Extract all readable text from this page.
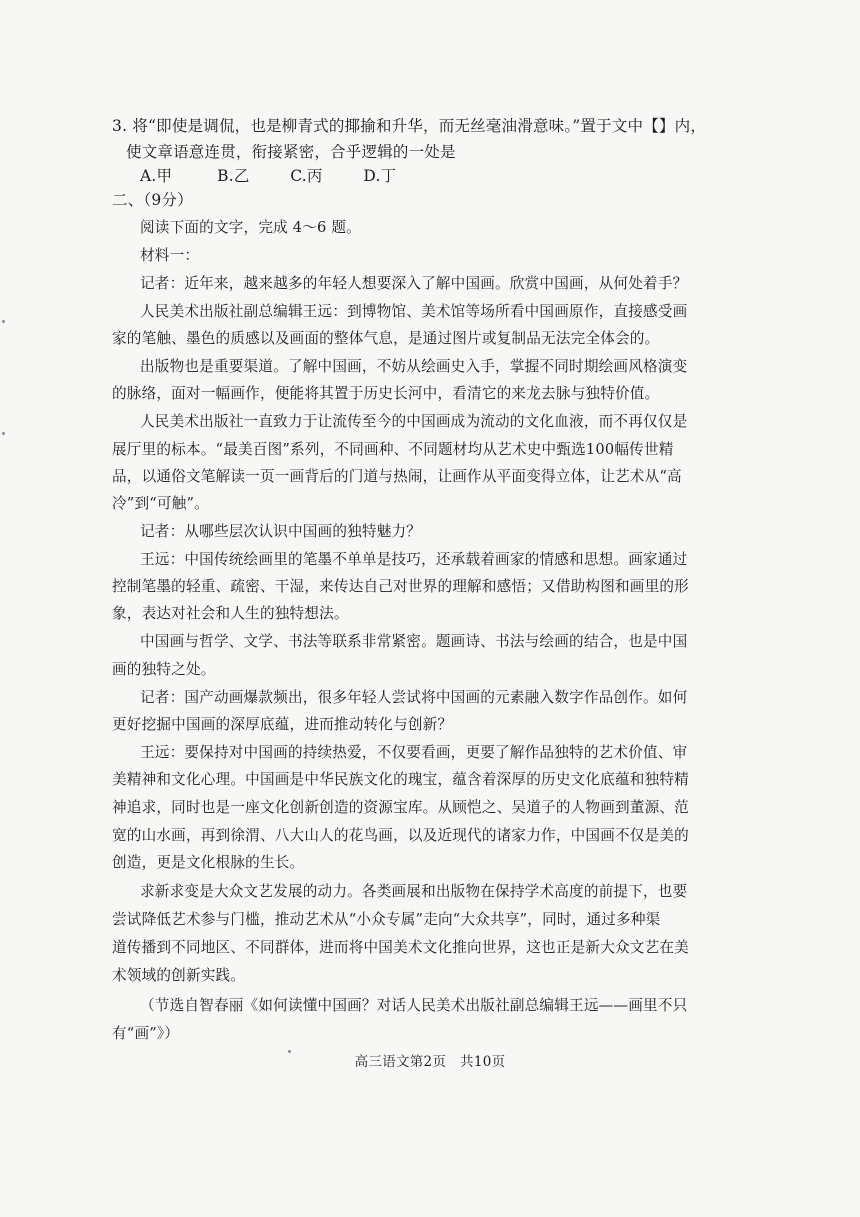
3. 将“即使是调侃，也是柳青式的揶揄和升华，而无丝毫油滑意味。”置于文中【】内，
使文章语意连贯，衔接紧密，合乎逻辑的一处是
A.甲	B.乙	C.丙	D.丁
二、（9分）
阅读下面的文字，完成 4～6 题。
材料一：
记者：近年来，越来越多的年轻人想要深入了解中国画。欣赏中国画，从何处着手？
人民美术出版社副总编辑王远：到博物馆、美术馆等场所看中国画原作，直接感受画
家的笔触、墨色的质感以及画面的整体气息，是通过图片或复制品无法完全体会的。
出版物也是重要渠道。了解中国画，不妨从绘画史入手，掌握不同时期绘画风格演变
的脉络，面对一幅画作，便能将其置于历史长河中，看清它的来龙去脉与独特价值。
人民美术出版社一直致力于让流传至今的中国画成为流动的文化血液，而不再仅仅是
展厅里的标本。“最美百图”系列，不同画种、不同题材均从艺术史中甄选100幅传世精
品，以通俗文笔解读一页一画背后的门道与热闹，让画作从平面变得立体，让艺术从“高
冷”到“可触”。
记者：从哪些层次认识中国画的独特魅力？
王远：中国传统绘画里的笔墨不单单是技巧，还承载着画家的情感和思想。画家通过
控制笔墨的轻重、疏密、干湿，来传达自己对世界的理解和感悟；又借助构图和画里的形
象，表达对社会和人生的独特想法。
中国画与哲学、文学、书法等联系非常紧密。题画诗、书法与绘画的结合，也是中国
画的独特之处。
记者：国产动画爆款频出，很多年轻人尝试将中国画的元素融入数字作品创作。如何
更好挖掘中国画的深厚底蕴，进而推动转化与创新？
王远：要保持对中国画的持续热爱，不仅要看画，更要了解作品独特的艺术价值、审
美精神和文化心理。中国画是中华民族文化的瑰宝，蕴含着深厚的历史文化底蕴和独特精
神追求，同时也是一座文化创新创造的资源宝库。从顾恺之、吴道子的人物画到董源、范
宽的山水画，再到徐渭、八大山人的花鸟画，以及近现代的诸家力作，中国画不仅是美的
创造，更是文化根脉的生长。
求新求变是大众文艺发展的动力。各类画展和出版物在保持学术高度的前提下，也要
尝试降低艺术参与门槛，推动艺术从“小众专属”走向“大众共享”，同时，通过多种渠
道传播到不同地区、不同群体，进而将中国美术文化推向世界，这也正是新大众文艺在美
术领域的创新实践。
（节选自智春丽《如何读懂中国画？对话人民美术出版社副总编辑王远——画里不只
有“画”》）
高三语文第2页　共10页
